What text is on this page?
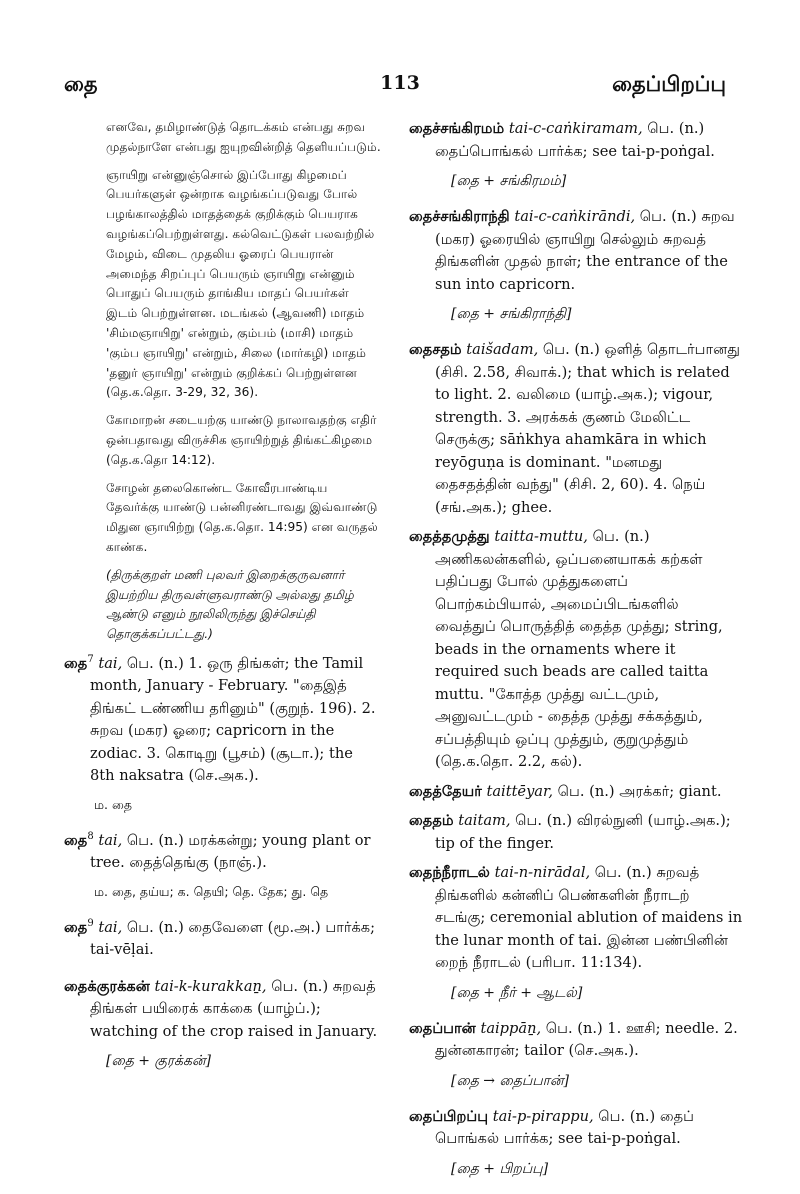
தை	113	தைப்பிறப்பு

எனவே, தமிழாண்டுத் தொடக்கம் என்பது சுறவ முதல்நாளே என்பது ஐயுறவின்றித் தெளியப்படும்.

ஞாயிறு என்னுஞ்சொல் இப்போது கிழமைப் பெயர்களுள் ஒன்றாக வழங்கப்படுவது போல் பழங்காலத்தில் மாதத்தைக் குறிக்கும் பெயராக வழங்கப்பெற்றுள்ளது. கல்வெட்டுகள் பலவற்றில் மேழம், விடை முதலிய ஓரைப் பெயரான் அமைந்த சிறப்புப் பெயரும் ஞாயிறு என்னும் பொதுப் பெயரும் தாங்கிய மாதப் பெயர்கள் இடம் பெற்றுள்ளன. மடங்கல் (ஆவணி) மாதம் 'சிம்மஞாயிறு' என்றும், கும்பம் (மாசி) மாதம் 'கும்ப ஞாயிறு' என்றும், சிலை (மார்கழி) மாதம் 'தனுர் ஞாயிறு' என்றும் குறிக்கப் பெற்றுள்ளன (தெ.க.தொ. 3-29, 32, 36).

கோமாறன் சடையற்கு யாண்டு நாலாவதற்கு எதிர் ஒன்பதாவது விருச்சிக ஞாயிற்றுத் திங்கட்கிழமை (தெ.க.தொ 14:12).

சோழன் தலைகொண்ட கோவீரபாண்டிய தேவர்க்கு யாண்டு பன்னிரண்டாவது இவ்வாண்டு மிதுன ஞாயிற்று (தெ.க.தொ. 14:95) என வருதல் காண்க.

(திருக்குறள் மணி புலவர் இறைக்குருவனார் இயற்றிய திருவள்ளுவராண்டு அல்லது தமிழ் ஆண்டு எனும் நூலிலிருந்து இச்செய்தி தொகுக்கப்பட்டது.)

தை$^7$ tai, பெ. (n.) 1. ஒரு திங்கள்; the Tamil month, January - February. "தைஇத் திங்கட் டண்ணிய தரினும்" (குறுந். 196). 2. சுறவ (மகர) ஓரை; capricorn in the zodiac. 3. கொடிறு (பூசம்) (சூடா.); the 8th naksatra (செ.அக.).
ம. தை
தை$^8$ tai, பெ. (n.) மரக்கன்று; young plant or tree. தைத்தெங்கு (நாஞ்.).
ம. தை, தய்ய; க. தெயி; தெ. தேக; து. தெ
தை$^9$ tai, பெ. (n.) தைவேளை (மூ.அ.) பார்க்க; tai-vēḷai.
தைக்குரக்கன் tai-k-kurakkaṉ, பெ. (n.) சுறவத் திங்கள் பயிரைக் காக்கை (யாழ்ப்.); watching of the crop raised in January.
[தை + குரக்கன்]
தைச்சங்கிரமம் tai-c-caṅkiramam, பெ. (n.) தைப்பொங்கல் பார்க்க; see tai-p-poṅgal.
[தை + சங்கிரமம்]
தைச்சங்கிராந்தி tai-c-caṅkirāndi, பெ. (n.) சுறவ (மகர) ஓரையில் ஞாயிறு செல்லும் சுறவத் திங்களின் முதல் நாள்; the entrance of the sun into capricorn.
[தை + சங்கிராந்தி]
தைசதம் taišadam, பெ. (n.) ஒளித் தொடர்பானது (சிசி. 2.58, சிவாக்.); that which is related to light. 2. வலிமை (யாழ்.அக.); vigour, strength. 3. அரக்கக் குணம் மேலிட்ட செருக்கு; sāṅkhya ahamkāra in which reyōguṇa is dominant. "மனமது தைசதத்தின் வந்து" (சிசி. 2, 60). 4. நெய் (சங்.அக.); ghee.
தைத்தமுத்து taitta-muttu, பெ. (n.) அணிகலன்களில், ஒப்பனையாகக் கற்கள் பதிப்பது போல் முத்துகளைப் பொற்கம்பியால், அமைப்பிடங்களில் வைத்துப் பொருத்தித் தைத்த முத்து; string, beads in the ornaments where it required such beads are called taitta muttu. "கோத்த முத்து வட்டமும், அனுவட்டமும் - தைத்த முத்து சக்கத்தும், சப்பத்தியும் ஒப்பு முத்தும், குறுமுத்தும் (தெ.க.தொ. 2.2, கல்).
தைத்தேயர் taittēyar, பெ. (n.) அரக்கர்; giant.
தைதம் taitam, பெ. (n.) விரல்நுனி (யாழ்.அக.); tip of the finger.
தைந்நீராடல் tai-n-nirādal, பெ. (n.) சுறவத் திங்களில் கன்னிப் பெண்களின் நீராடற் சடங்கு; ceremonial ablution of maidens in the lunar month of tai. இன்ன பண்பினின் றைந் நீராடல் (பரிபா. 11:134).
[தை + நீர் + ஆடல்]
தைப்பான் taippāṉ, பெ. (n.) 1. ஊசி; needle. 2. துன்னகாரன்; tailor (செ.அக.).
[தை → தைப்பான்]
தைப்பிறப்பு tai-p-pirappu, பெ. (n.) தைப் பொங்கல் பார்க்க; see tai-p-poṅgal.
[தை + பிறப்பு]
